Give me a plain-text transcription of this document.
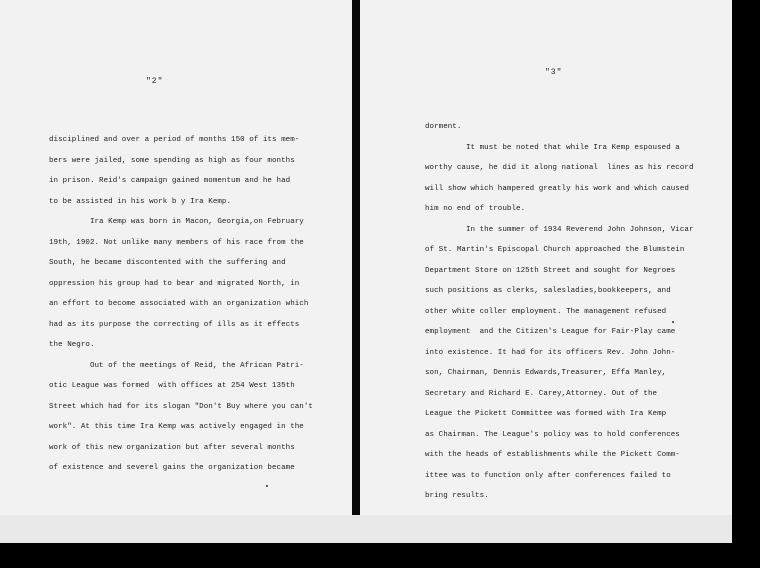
"2"
"3"
disciplined and over a period of months 150 of its mem-
bers were jailed, some spending as high as four months
in prison. Reid's campaign gained momentum and he had
to be assisted in his work b y Ira Kemp.
Ira Kemp was born in Macon, Georgia,on February
19th, 1902. Not unlike many members of his race from the
South, he became discontented with the suffering and
oppression his group had to bear and migrated North, in
an effort to become associated with an organization which
had as its purpose the correcting of ills as it effects
the Negro.
Out of the meetings of Reid, the African Patri-
otic League was formed  with offices at 254 West 135th
Street which had for its slogan "Don't Buy where you can't
work". At this time Ira Kemp was actively engaged in the
work of this new organization but after several months
of existence and severel gains the organization became
dorment.
It must be noted that while Ira Kemp espoused a
worthy cause, he did it along national  lines as his record
will show which hampered greatly his work and which caused
him no end of trouble.
In the summer of 1934 Reverend John Johnson, Vicar
of St. Martin's Episcopal Church approached the Blumstein
Department Store on 125th Street and sought for Negroes
such positions as clerks, salesladies,bookkeepers, and
other white coller employment. The management refused
employment  and the Citizen's League for Fair-Play came
into existence. It had for its officers Rev. John John-
son, Chairman, Dennis Edwards,Treasurer, Effa Manley,
Secretary and Richard E. Carey,Attorney. Out of the
League the Pickett Committee was formed with Ira Kemp
as Chairman. The League's policy was to hold conferences
with the heads of establishments while the Pickett Comm-
ittee was to function only after conferences failed to
bring results.
